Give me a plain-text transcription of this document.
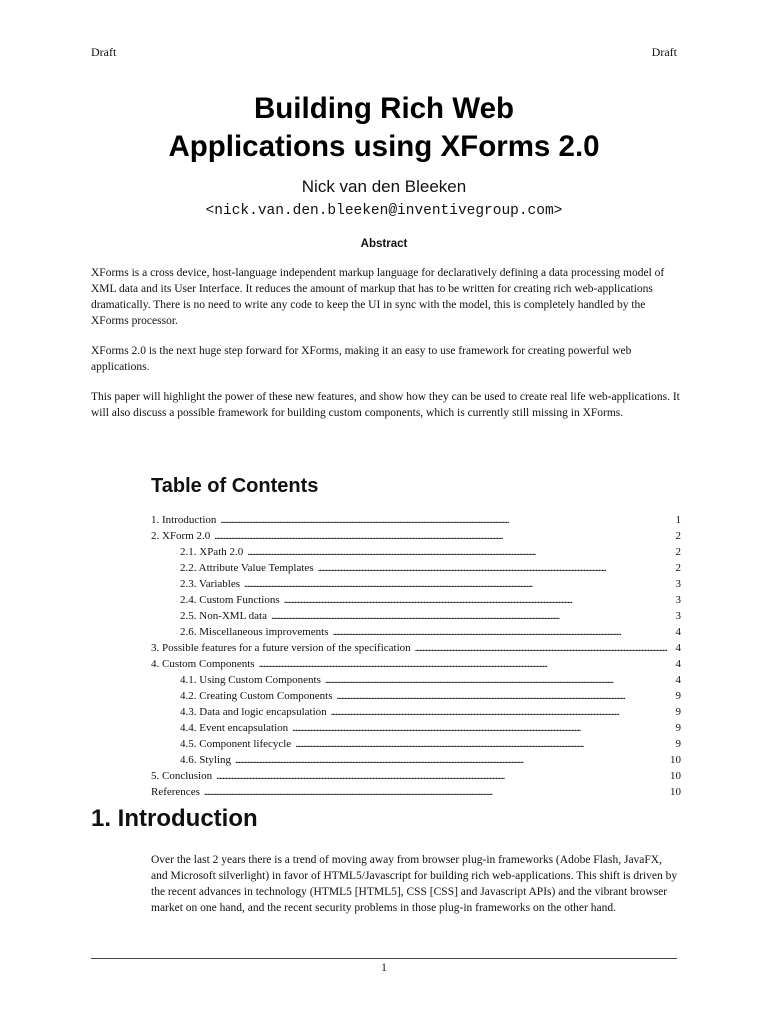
Draft	Draft
Building Rich Web
Applications using XForms 2.0
Nick van den Bleeken
<nick.van.den.bleeken@inventivegroup.com>
Abstract

XForms is a cross device, host-language independent markup language for declaratively defining a data processing model of XML data and its User Interface. It reduces the amount of markup that has to be written for creating rich web-applications dramatically. There is no need to write any code to keep the UI in sync with the model, this is completely handled by the XForms processor.

XForms 2.0 is the next huge step forward for XForms, making it an easy to use framework for creating powerful web applications.

This paper will highlight the power of these new features, and show how they can be used to create real life web-applications. It will also discuss a possible framework for building custom components, which is currently still missing in XForms.

Table of Contents
1. Introduction . . .	1
2. XForm 2.0 . . .	2
2.1. XPath 2.0 . . .	2
2.2. Attribute Value Templates . . .	2
2.3. Variables . . .	3
2.4. Custom Functions . . .	3
2.5. Non-XML data . . .	3
2.6. Miscellaneous improvements . . .	4
3. Possible features for a future version of the specification . . .	4
4. Custom Components . . .	4
4.1. Using Custom Components . . .	4
4.2. Creating Custom Components . . .	9
4.3. Data and logic encapsulation . . .	9
4.4. Event encapsulation . . .	9
4.5. Component lifecycle . . .	9
4.6. Styling . . .	10
5. Conclusion . . .	10
References . . .	10
1. Introduction

Over the last 2 years there is a trend of moving away from browser plug-in frameworks (Adobe Flash, JavaFX, and Microsoft silverlight) in favor of HTML5/Javascript for building rich web-applications. This shift is driven by the recent advances in technology (HTML5 [HTML5], CSS [CSS] and Javascript APIs) and the vibrant browser market on one hand, and the recent security problems in those plug-in frameworks on the other hand.

1
